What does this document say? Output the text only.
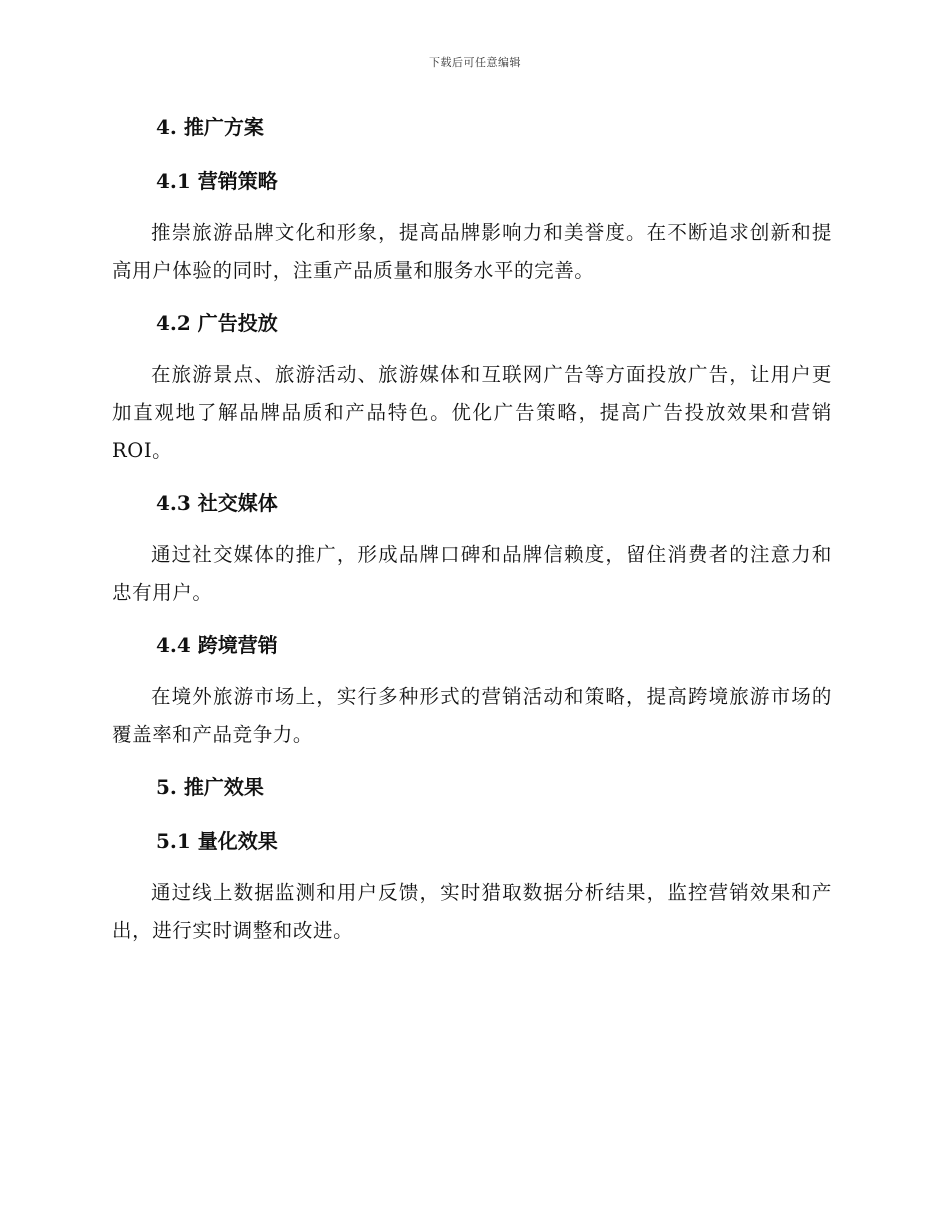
下载后可任意编辑
4. 推广方案
4.1 营销策略

推崇旅游品牌文化和形象，提高品牌影响力和美誉度。在不断追求创新和提高用户体验的同时，注重产品质量和服务水平的完善。

4.2 广告投放

在旅游景点、旅游活动、旅游媒体和互联网广告等方面投放广告，让用户更加直观地了解品牌品质和产品特色。优化广告策略，提高广告投放效果和营销 ROI。

4.3 社交媒体

通过社交媒体的推广，形成品牌口碑和品牌信赖度，留住消费者的注意力和忠有用户。

4.4 跨境营销

在境外旅游市场上，实行多种形式的营销活动和策略，提高跨境旅游市场的覆盖率和产品竞争力。

5. 推广效果
5.1 量化效果

通过线上数据监测和用户反馈，实时猎取数据分析结果，监控营销效果和产出，进行实时调整和改进。
